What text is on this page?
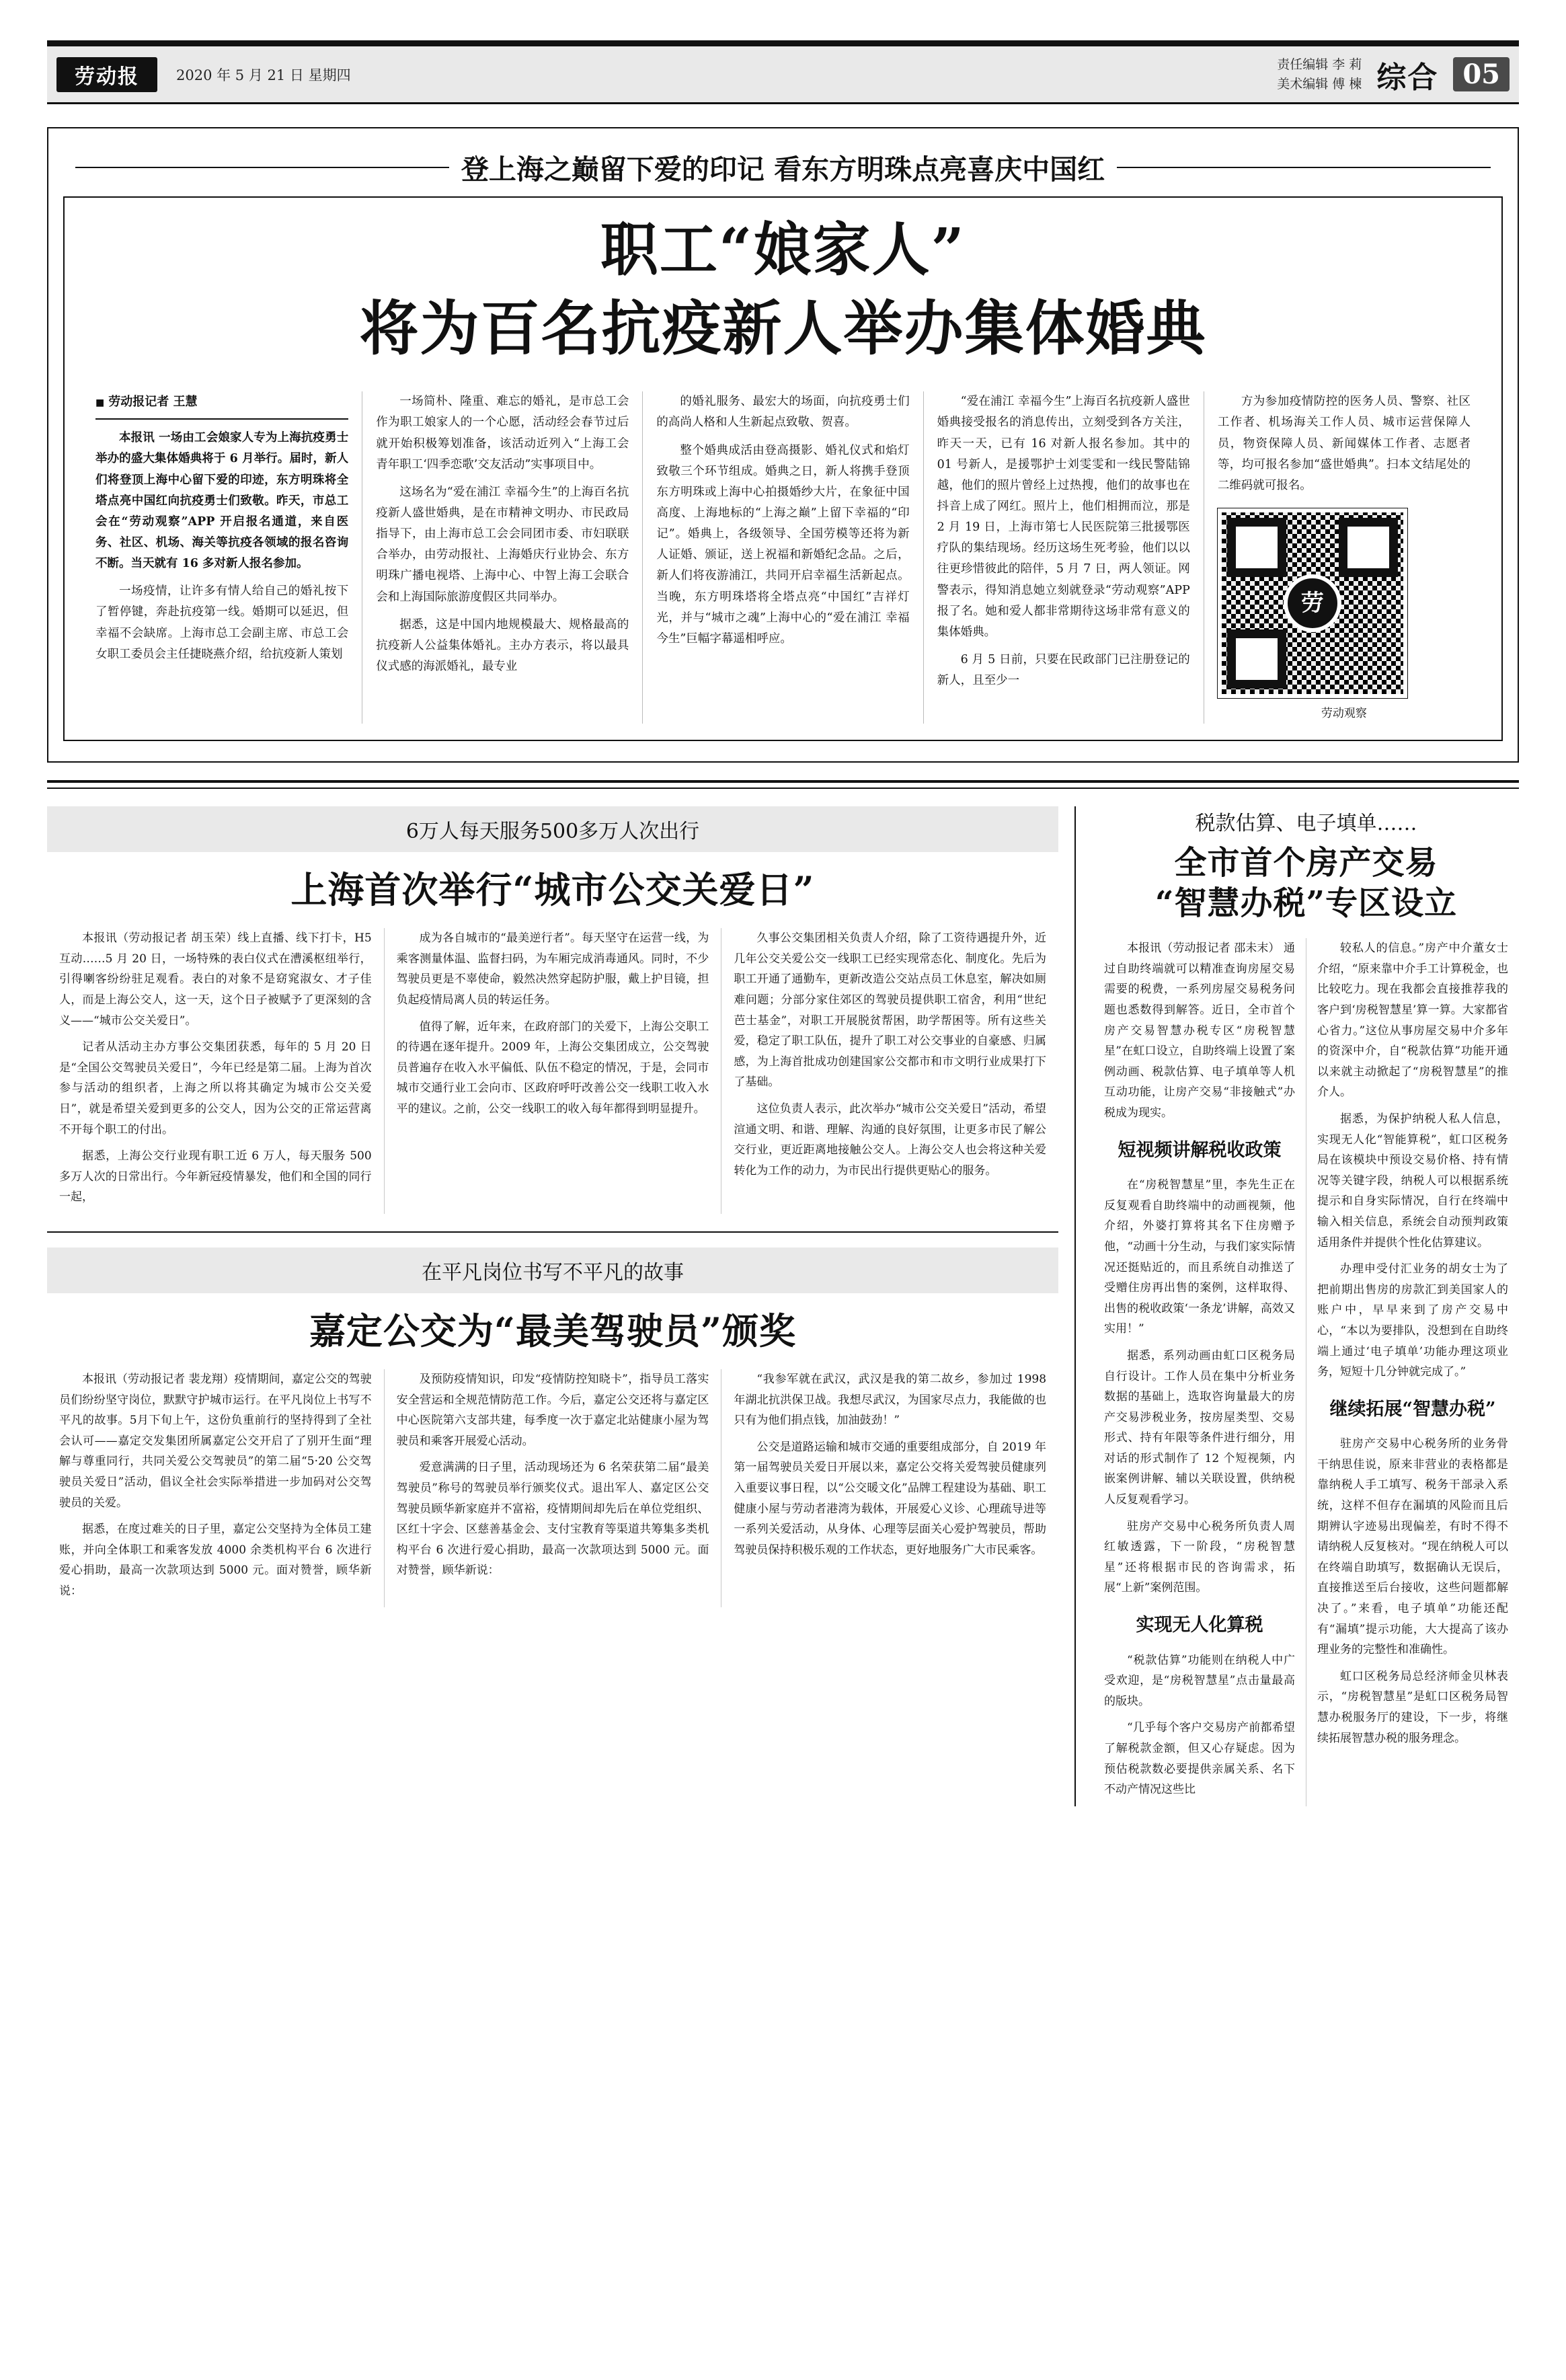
劳动报	2020 年 5 月 21 日 星期四
责任编辑 李 莉
美术编辑 傅 楝 综合 05
登上海之巅留下爱的印记 看东方明珠点亮喜庆中国红
职工“娘家人”
将为百名抗疫新人举办集体婚典
■ 劳动报记者 王慧

本报讯 一场由工会娘家人专为上海抗疫勇士举办的盛大集体婚典将于 6 月举行。届时，新人们将登顶上海中心留下爱的印迹，东方明珠将全塔点亮中国红向抗疫勇士们致敬。昨天，市总工会在“劳动观察”APP 开启报名通道，来自医务、社区、机场、海关等抗疫各领域的报名咨询不断。当天就有 16 多对新人报名参加。

一场疫情，让许多有情人给自己的婚礼按下了暂停键，奔赴抗疫第一线。婚期可以延迟，但幸福不会缺席。上海市总工会副主席、市总工会女职工委员会主任捷晓燕介绍，给抗疫新人策划

一场简朴、隆重、难忘的婚礼，是市总工会作为职工娘家人的一个心愿，活动经会春节过后就开始积极筹划准备，该活动近列入“上海工会青年职工‘四季恋歌’交友活动”实事项目中。

这场名为“爱在浦江 幸福今生”的上海百名抗疫新人盛世婚典，是在市精神文明办、市民政局指导下，由上海市总工会会同团市委、市妇联联合举办，由劳动报社、上海婚庆行业协会、东方明珠广播电视塔、上海中心、中智上海工会联合会和上海国际旅游度假区共同举办。

据悉，这是中国内地规模最大、规格最高的抗疫新人公益集体婚礼。主办方表示，将以最具仪式感的海派婚礼，最专业

的婚礼服务、最宏大的场面，向抗疫勇士们的高尚人格和人生新起点致敬、贺喜。

整个婚典成活由登高摄影、婚礼仪式和焰灯致敬三个环节组成。婚典之日，新人将携手登顶东方明珠或上海中心拍摄婚纱大片，在象征中国高度、上海地标的“上海之巅”上留下幸福的“印记”。婚典上，各级领导、全国劳模等还将为新人证婚、颁证，送上祝福和新婚纪念品。之后，新人们将夜游浦江，共同开启幸福生活新起点。当晚，东方明珠塔将全塔点亮“中国红”吉祥灯光，并与“城市之魂”上海中心的“爱在浦江 幸福今生”巨幅字幕遥相呼应。

“爱在浦江 幸福今生”上海百名抗疫新人盛世婚典接受报名的消息传出，立刻受到各方关注，昨天一天，已有 16 对新人报名参加。其中的 01 号新人，是援鄂护士刘雯雯和一线民警陆锦越，他们的照片曾经上过热搜，他们的故事也在抖音上成了网红。照片上，他们相拥而泣，那是 2 月 19 日，上海市第七人民医院第三批援鄂医疗队的集结现场。经历这场生死考验，他们以以往更珍惜彼此的陪伴，5 月 7 日，两人领证。网警表示，得知消息她立刻就登录“劳动观察”APP 报了名。她和爱人都非常期待这场非常有意义的集体婚典。

6 月 5 日前，只要在民政部门已注册登记的新人，且至少一

方为参加疫情防控的医务人员、警察、社区工作者、机场海关工作人员、城市运营保障人员，物资保障人员、新闻媒体工作者、志愿者等，均可报名参加“盛世婚典”。扫本文结尾处的二维码就可报名。

劳
劳动观察
6万人每天服务500多万人次出行
上海首次举行“城市公交关爱日”

本报讯（劳动报记者 胡玉荣）线上直播、线下打卡，H5 互动……5 月 20 日，一场特殊的表白仪式在漕溪枢纽举行，引得喇客纷纷驻足观看。表白的对象不是窈窕淑女、才子佳人，而是上海公交人，这一天，这个日子被赋予了更深刻的含义——“城市公交关爱日”。

记者从活动主办方事公交集团获悉，每年的 5 月 20 日是“全国公交驾驶员关爱日”，今年已经是第二届。上海为首次参与活动的组织者，上海之所以将其确定为城市公交关爱日”，就是希望关爱到更多的公交人，因为公交的正常运营离不开每个职工的付出。

据悉，上海公交行业现有职工近 6 万人，每天服务 500 多万人次的日常出行。今年新冠疫情暴发，他们和全国的同行一起，

成为各自城市的“最美逆行者”。每天坚守在运营一线，为乘客测量体温、监督扫码，为车厢完成消毒通风。同时，不少驾驶员更是不辜使命，毅然决然穿起防护服，戴上护目镜，担负起疫情局离人员的转运任务。

值得了解，近年来，在政府部门的关爱下，上海公交职工的待遇在逐年提升。2009 年，上海公交集团成立，公交驾驶员普遍存在收入水平偏低、队伍不稳定的情况，于是，会同市城市交通行业工会向市、区政府呼吁改善公交一线职工收入水平的建议。之前，公交一线职工的收入每年都得到明显提升。

久事公交集团相关负责人介绍，除了工资待遇提升外，近几年公交关爱公交一线职工已经实现常态化、制度化。先后为职工开通了通勤车，更新改造公交站点员工休息室，解决如厕难问题；分部分家住郊区的驾驶员提供职工宿舍，利用“世纪芭士基金”，对职工开展脱贫帮困，助学帮困等。所有这些关爱，稳定了职工队伍，提升了职工对公交事业的自豪感、归属感，为上海首批成功创建国家公交都市和市文明行业成果打下了基础。

这位负责人表示，此次举办“城市公交关爱日”活动，希望渲通文明、和谐、理解、沟通的良好氛围，让更多市民了解公交行业，更近距离地接触公交人。上海公交人也会将这种关爱转化为工作的动力，为市民出行提供更贴心的服务。

在平凡岗位书写不平凡的故事
嘉定公交为“最美驾驶员”颁奖

本报讯（劳动报记者 裴龙翔）疫情期间，嘉定公交的驾驶员们纷纷坚守岗位，默默守护城市运行。在平凡岗位上书写不平凡的故事。5月下旬上午，这份负重前行的坚持得到了全社会认可——嘉定交发集团所属嘉定公交开启了了别开生面“理解与尊重同行，共同关爱公交驾驶员”的第二届“5·20 公交驾驶员关爱日”活动，倡议全社会实际举措进一步加码对公交驾驶员的关爱。

据悉，在度过难关的日子里，嘉定公交坚持为全体员工建账，并向全体职工和乘客发放 4000 余类机构平台 6 次进行爱心捐助，最高一次款项达到 5000 元。面对赞誉，顾华新说：

及预防疫情知识，印发“疫情防控知晓卡”，指导员工落实安全营运和全规范情防范工作。今后，嘉定公交还将与嘉定区中心医院第六支部共建，每季度一次于嘉定北站健康小屋为驾驶员和乘客开展爱心活动。

爱意满满的日子里，活动现场还为 6 名荣获第二届“最美驾驶员”称号的驾驶员举行颁奖仪式。退出军人、嘉定区公交驾驶员顾华新家庭并不富裕，疫情期间却先后在单位党组织、区红十字会、区慈善基金会、支付宝教育等渠道共筹集多类机构平台 6 次进行爱心捐助，最高一次款项达到 5000 元。面对赞誉，顾华新说：

“我参军就在武汉，武汉是我的第二故乡，参加过 1998 年湖北抗洪保卫战。我想尽武汉，为国家尽点力，我能做的也只有为他们捐点钱，加油鼓劲！”

公交是道路运输和城市交通的重要组成部分，自 2019 年第一届驾驶员关爱日开展以来，嘉定公交将关爱驾驶员健康列入重要议事日程，以“公交暖文化”品牌工程建设为基础、职工健康小屋与劳动者港湾为载体，开展爱心义诊、心理疏导进等一系列关爱活动，从身体、心理等层面关心爱护驾驶员，帮助驾驶员保持积极乐观的工作状态，更好地服务广大市民乘客。

税款估算、电子填单……
全市首个房产交易
“智慧办税”专区设立

本报讯（劳动报记者 邵未末） 通过自助终端就可以精准查询房屋交易需要的税费，一系列房屋交易税务问题也悉数得到解答。近日，全市首个房产交易智慧办税专区“房税智慧星”在虹口设立，自助终端上设置了案例动画、税款估算、电子填单等人机互动功能，让房产交易“非接触式”办税成为现实。

短视频讲解税收政策

在“房税智慧星”里，李先生正在反复观看自助终端中的动画视频，他介绍，外婆打算将其名下住房赠予他，“动画十分生动，与我们家实际情况还挺贴近的，而且系统自动推送了受赠住房再出售的案例，这样取得、出售的税收政策‘一条龙’讲解，高效又实用！”

据悉，系列动画由虹口区税务局自行设计。工作人员在集中分析业务数据的基础上，选取咨询量最大的房产交易涉税业务，按房屋类型、交易形式、持有年限等条件进行细分，用对话的形式制作了 12 个短视频，内嵌案例讲解、辅以关联设置，供纳税人反复观看学习。

驻房产交易中心税务所负责人周红敏透露，下一阶段，“房税智慧星”还将根据市民的咨询需求，拓展“上新”案例范围。

实现无人化算税

“税款估算”功能则在纳税人中广受欢迎，是“房税智慧星”点击量最高的版块。

“几乎每个客户交易房产前都希望了解税款金额，但又心存疑虑。因为预估税款数必要提供亲属关系、名下不动产情况这些比

较私人的信息。”房产中介董女士介绍，“原来靠中介手工计算税金，也比较吃力。现在我都会直接推荐我的客户到‘房税智慧星’算一算。大家都省心省力。”这位从事房屋交易中介多年的资深中介，自“税款估算”功能开通以来就主动掀起了“房税智慧星”的推介人。

据悉，为保护纳税人私人信息，实现无人化“智能算税”，虹口区税务局在该模块中预设交易价格、持有情况等关键字段，纳税人可以根据系统提示和自身实际情况，自行在终端中输入相关信息，系统会自动预判政策适用条件并提供个性化估算建议。

办理申受付汇业务的胡女士为了把前期出售房的房款汇到美国家人的账户中，早早来到了房产交易中心，“本以为要排队，没想到在自助终端上通过‘电子填单’功能办理这项业务，短短十几分钟就完成了。”

继续拓展“智慧办税”

驻房产交易中心税务所的业务骨干纳思佳说，原来非营业的表格都是靠纳税人手工填写、税务干部录入系统，这样不但存在漏填的风险而且后期辨认字迹易出现偏差，有时不得不请纳税人反复核对。“现在纳税人可以在终端自助填写，数据确认无误后，直接推送至后台接收，这些问题都解决了。”来看，电子填单”功能还配有“漏填”提示功能，大大提高了该办理业务的完整性和准确性。

虹口区税务局总经济师金贝林表示，“房税智慧星”是虹口区税务局智慧办税服务厅的建设，下一步，将继续拓展智慧办税的服务理念。
